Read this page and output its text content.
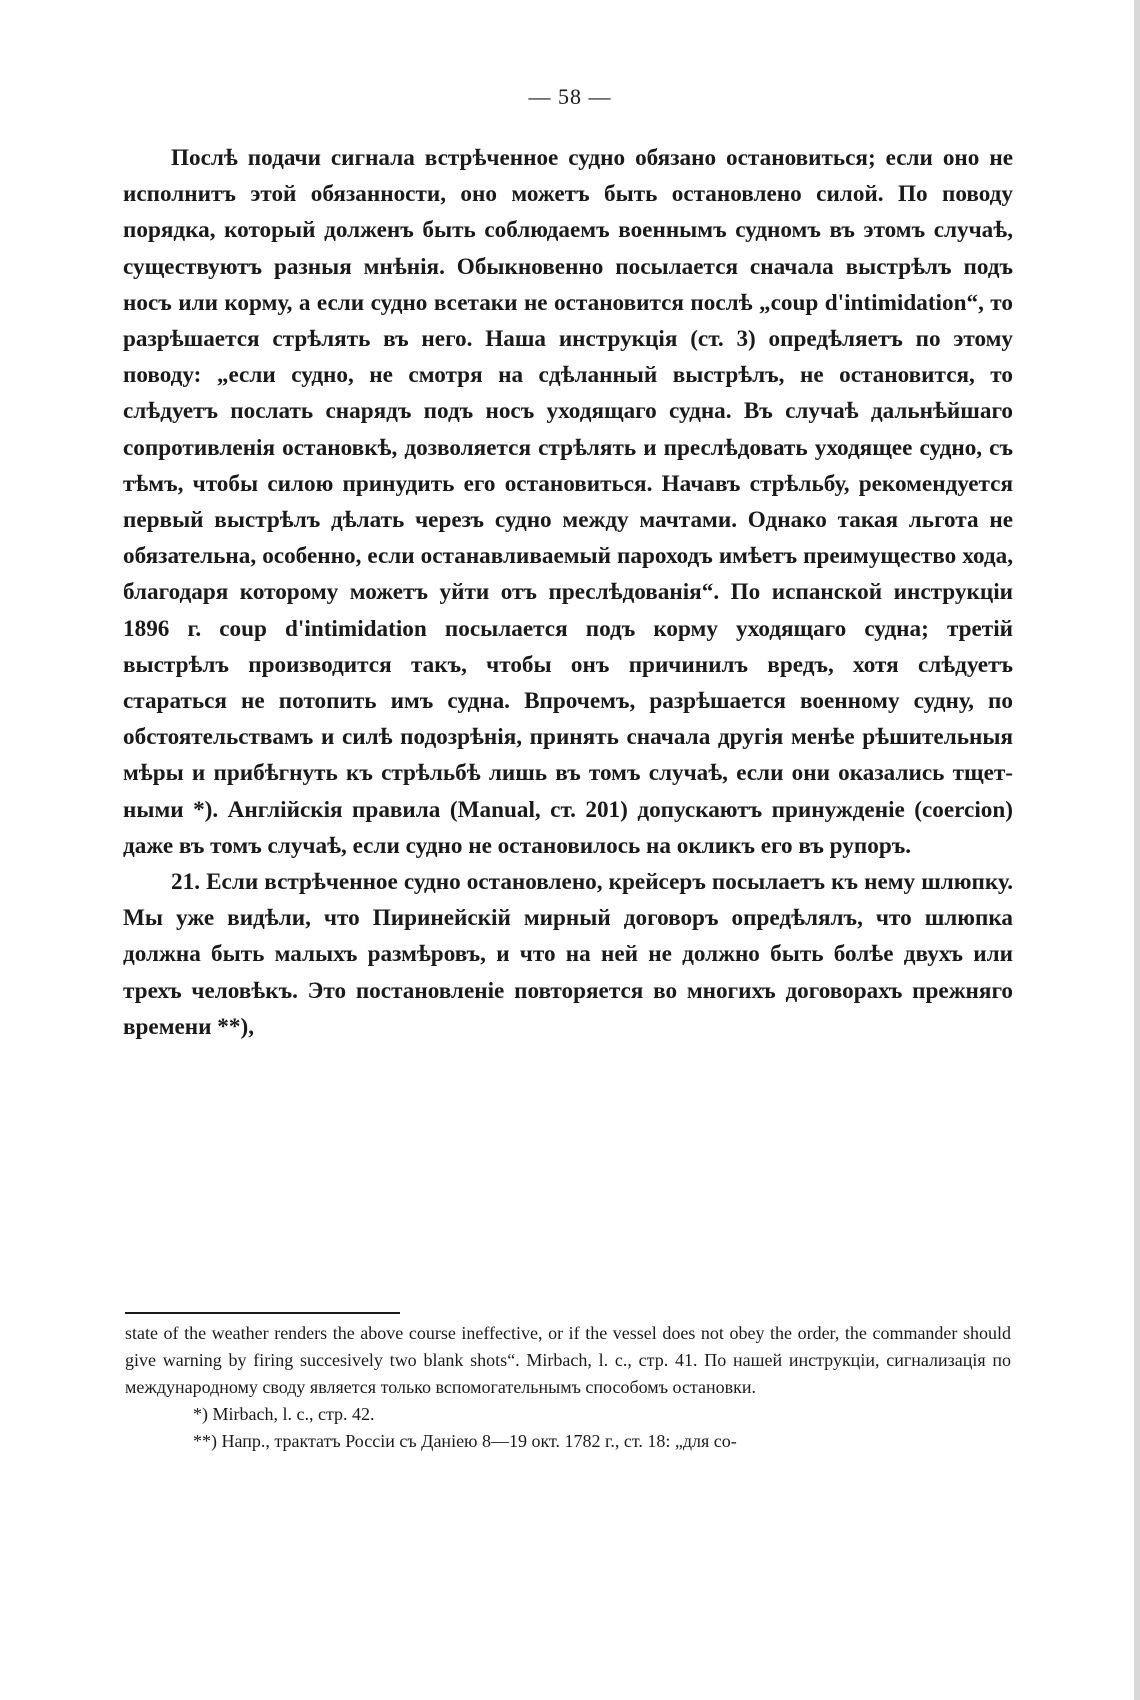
— 58 —

Послѣ подачи сигнала встрѣченное судно обязано остановиться; если оно не исполнитъ этой обязанности, оно можетъ быть остановлено силой. По поводу порядка, который долженъ быть соблюдаемъ военнымъ судномъ въ этомъ случаѣ, существуютъ разныя мнѣнія. Обыкновенно посылается сначала выстрѣлъ подъ носъ или корму, а если судно всетаки не остановится послѣ „coup d'intimidation“, то разрѣшается стрѣлять въ него. Наша инструкція (ст. 3) опредѣляетъ по этому поводу: „если судно, не смотря на сдѣланный выстрѣлъ, не остановится, то слѣдуетъ послать снарядъ подъ носъ уходящаго судна. Въ случаѣ дальнѣйшаго сопротивленія остановкѣ, дозволяется стрѣлять и преслѣдовать уходящее судно, съ тѣмъ, чтобы силою принудить его остановиться. Начавъ стрѣльбу, рекомендуется первый выстрѣлъ дѣлать черезъ судно между мачтами. Однако такая льгота не обязательна, особенно, если останавливаемый пароходъ имѣетъ преимущество хода, благодаря которому можетъ уйти отъ преслѣдованія“. По испанской инструкціи 1896 г. coup d'intimidation посылается подъ корму уходящаго судна; третій выстрѣлъ производится такъ, чтобы онъ причинилъ вредъ, хотя слѣдуетъ стараться не потопить имъ судна. Впрочемъ, разрѣшается военному судну, по обстоятельствамъ и силѣ подозрѣнія, принять сначала другія менѣе рѣшительныя мѣры и прибѣгнуть къ стрѣльбѣ лишь въ томъ случаѣ, если они оказались тщетными *). Англійскія правила (Manual, ст. 201) допускаютъ принужденіе (coercion) даже въ томъ случаѣ, если судно не остановилось на окликъ его въ рупоръ.

21. Если встрѣченное судно остановлено, крейсеръ посылаетъ къ нему шлюпку. Мы уже видѣли, что Пиринейскій мирный договоръ опредѣлялъ, что шлюпка должна быть малыхъ размѣровъ, и что на ней не должно быть болѣе двухъ или трехъ человѣкъ. Это постановленіе повторяется во многихъ договорахъ прежняго времени **),

state of the weather renders the above course ineffective, or if the vessel does not obey the order, the commander should give warning by firing succesively two blank shots“. Mirbach, l. c., стр. 41. По нашей инструкціи, сигнализація по международному своду является только вспомогательнымъ способомъ остановки.

*) Mirbach, l. c., стр. 42.

**) Напр., трактатъ Россіи съ Даніею 8—19 окт. 1782 г., ст. 18: „для со-
